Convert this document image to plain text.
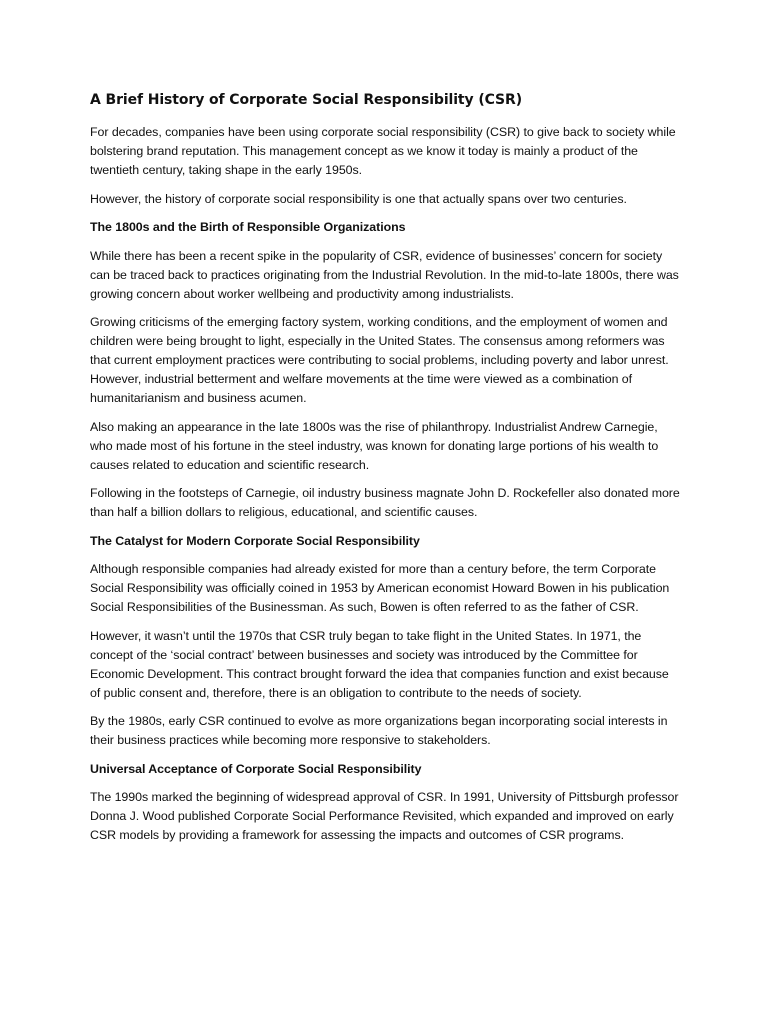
A Brief History of Corporate Social Responsibility (CSR)

For decades, companies have been using corporate social responsibility (CSR) to give back to society while bolstering brand reputation. This management concept as we know it today is mainly a product of the twentieth century, taking shape in the early 1950s.

However, the history of corporate social responsibility is one that actually spans over two centuries.

The 1800s and the Birth of Responsible Organizations

While there has been a recent spike in the popularity of CSR, evidence of businesses’ concern for society can be traced back to practices originating from the Industrial Revolution. In the mid-to-late 1800s, there was growing concern about worker wellbeing and productivity among industrialists.

Growing criticisms of the emerging factory system, working conditions, and the employment of women and children were being brought to light, especially in the United States. The consensus among reformers was that current employment practices were contributing to social problems, including poverty and labor unrest. However, industrial betterment and welfare movements at the time were viewed as a combination of humanitarianism and business acumen.

Also making an appearance in the late 1800s was the rise of philanthropy. Industrialist Andrew Carnegie, who made most of his fortune in the steel industry, was known for donating large portions of his wealth to causes related to education and scientific research.

Following in the footsteps of Carnegie, oil industry business magnate John D. Rockefeller also donated more than half a billion dollars to religious, educational, and scientific causes.

The Catalyst for Modern Corporate Social Responsibility

Although responsible companies had already existed for more than a century before, the term Corporate Social Responsibility was officially coined in 1953 by American economist Howard Bowen in his publication Social Responsibilities of the Businessman. As such, Bowen is often referred to as the father of CSR.

However, it wasn’t until the 1970s that CSR truly began to take flight in the United States. In 1971, the concept of the ‘social contract’ between businesses and society was introduced by the Committee for Economic Development. This contract brought forward the idea that companies function and exist because of public consent and, therefore, there is an obligation to contribute to the needs of society.

By the 1980s, early CSR continued to evolve as more organizations began incorporating social interests in their business practices while becoming more responsive to stakeholders.

Universal Acceptance of Corporate Social Responsibility

The 1990s marked the beginning of widespread approval of CSR. In 1991, University of Pittsburgh professor Donna J. Wood published Corporate Social Performance Revisited, which expanded and improved on early CSR models by providing a framework for assessing the impacts and outcomes of CSR programs.
